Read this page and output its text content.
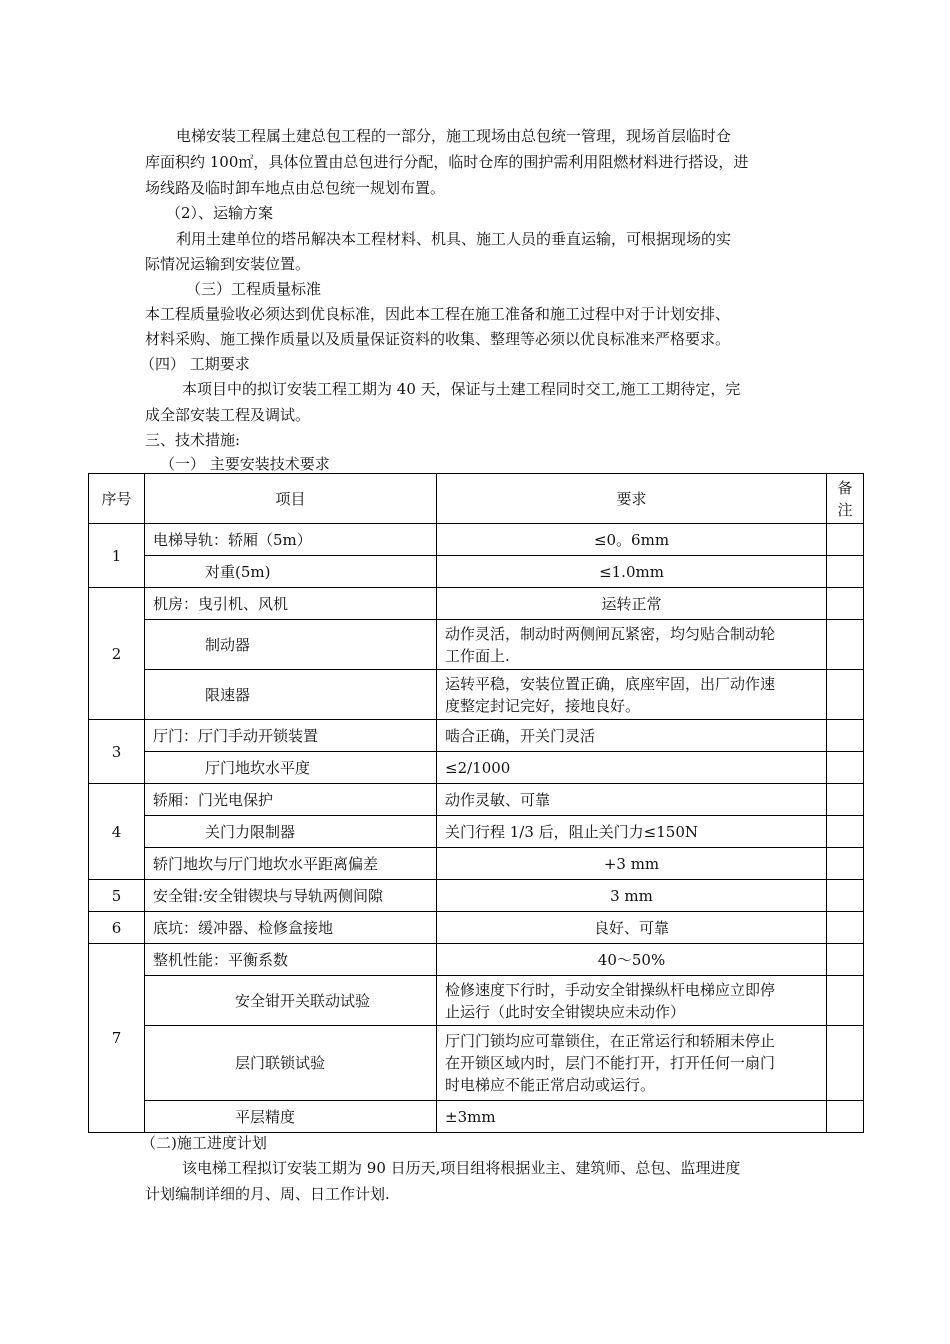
电梯安装工程属土建总包工程的一部分，施工现场由总包统一管理，现场首层临时仓
库面积约 100㎡，具体位置由总包进行分配，临时仓库的围护需利用阻燃材料进行搭设，进
场线路及临时卸车地点由总包统一规划布置。
（2）、运输方案
利用土建单位的塔吊解决本工程材料、机具、施工人员的垂直运输，可根据现场的实
际情况运输到安装位置。
（三）工程质量标准
本工程质量验收必须达到优良标准，因此本工程在施工准备和施工过程中对于计划安排、
材料采购、施工操作质量以及质量保证资料的收集、整理等必须以优良标准来严格要求。
（四） 工期要求
本项目中的拟订安装工程工期为 40 天，保证与土建工程同时交工,施工工期待定，完
成全部安装工程及调试。
三、技术措施:
（一） 主要安装技术要求
序号	项目	要求	备
注

1	电梯导轨：轿厢（5m）	≤0。6mm	
	对重(5m)	≤1.0mm	
2	机房：曳引机、风机	运转正常	
	制动器	动作灵活，制动时两侧闸瓦紧密，均匀贴合制动轮
工作面上.	

	限速器	运转平稳，安装位置正确，底座牢固，出厂动作速
度整定封记完好，接地良好。	

3	厅门：厅门手动开锁装置	啮合正确，开关门灵活	
	厅门地坎水平度	≤2/1000	
4	轿厢：门光电保护	动作灵敏、可靠	
	关门力限制器	关门行程 1/3 后，阻止关门力≤150N	
	轿门地坎与厅门地坎水平距离偏差	+3 mm	
5	安全钳:安全钳锲块与导轨两侧间隙	3 mm	
6	底坑：缓冲器、检修盒接地	良好、可靠	
7	整机性能：平衡系数	40～50%	
	安全钳开关联动试验	检修速度下行时，手动安全钳操纵杆电梯应立即停
止运行（此时安全钳锲块应未动作）	

	层门联锁试验	厅门门锁均应可靠锁住，在正常运行和轿厢未停止
在开锁区域内时，层门不能打开，打开任何一扇门
时电梯应不能正常启动或运行。	

	平层精度	±3mm	
（二)施工进度计划
该电梯工程拟订安装工期为 90 日历天,项目组将根据业主、建筑师、总包、监理进度
计划编制详细的月、周、日工作计划.
